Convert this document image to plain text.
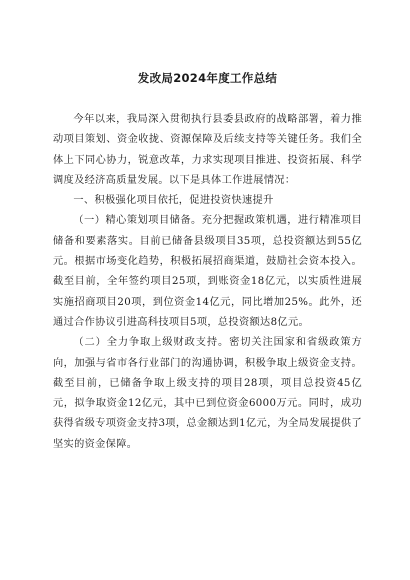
发改局2024年度工作总结

今年以来，我局深入贯彻执行县委县政府的战略部署，着力推动项目策划、资金收拢、资源保障及后续支持等关键任务。我们全体上下同心协力，锐意改革，力求实现项目推进、投资拓展、科学调度及经济高质量发展。以下是具体工作进展情况：

一、积极强化项目依托，促进投资快速提升

（一）精心策划项目储备。充分把握政策机遇，进行精准项目储备和要素落实。目前已储备县级项目35项，总投资额达到55亿元。根据市场变化趋势，积极拓展招商渠道，鼓励社会资本投入。截至目前，全年签约项目25项，到账资金18亿元，以实质性进展实施招商项目20项，到位资金14亿元，同比增加25%。此外，还通过合作协议引进高科技项目5项，总投资额达8亿元。

（二）全力争取上级财政支持。密切关注国家和省级政策方向，加强与省市各行业部门的沟通协调，积极争取上级资金支持。截至目前，已储备争取上级支持的项目28项，项目总投资45亿元，拟争取资金12亿元，其中已到位资金6000万元。同时，成功获得省级专项资金支持3项，总金额达到1亿元，为全局发展提供了坚实的资金保障。
